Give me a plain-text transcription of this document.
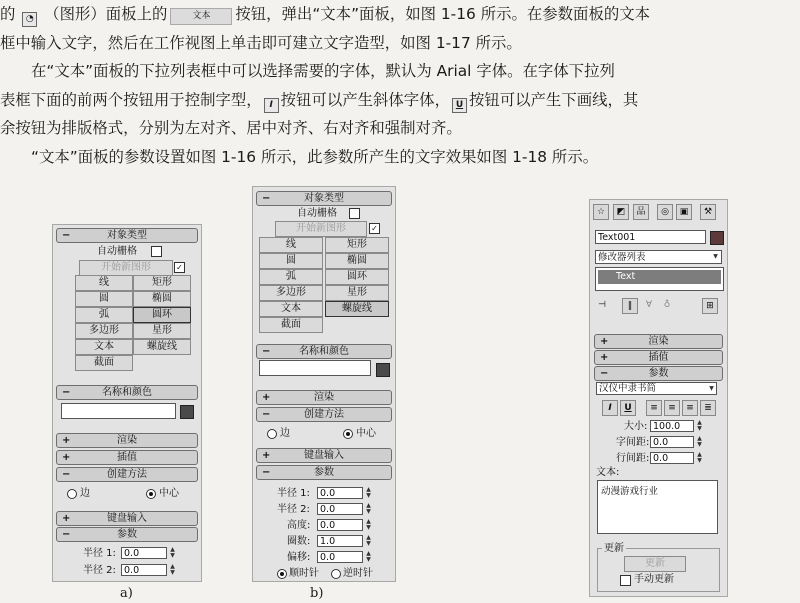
的 ◔ （图形）面板上的	文本 按钮，弹出“文本”面板，如图 1-16 所示。在参数面板的文本
框中输入文字，然后在工作视图上单击即可建立文字造型，如图 1-17 所示。
在“文本”面板的下拉列表框中可以选择需要的字体，默认为 Arial 字体。在字体下拉列
表框下面的前两个按钮用于控制字型， I 按钮可以产生斜体字体， U 按钮可以产生下画线，其
余按钮为排版格式，分别为左对齐、居中对齐、右对齐和强制对齐。
“文本”面板的参数设置如图 1-16 所示，此参数所产生的文字效果如图 1-18 所示。
−	对象类型
自动栅格
开始新图形	✓
线	矩形
圆	椭圆
弧	圆环
多边形	星形
文本	螺旋线
截面
−	名称和颜色
+	渲染
+	插值
−	创建方法
边	中心
+	键盘输入
−	参数
半径 1: 0.0	▲
▼
半径 2: 0.0	▲
▼
a)
−	对象类型
自动栅格
开始新图形	✓
线	矩形
圆	椭圆
弧	圆环
多边形	星形
文本	螺旋线
截面
−	名称和颜色
+	渲染
−	创建方法
边	中心
+	键盘输入
−	参数
半径 1:	0.0	▲
▼
半径 2:	0.0	▲
▼
高度:	0.0	▲
▼
圈数:	1.0	▲
▼
偏移:	0.0	▲
▼
顺时针 逆时针
b)
☆	◩	品	◎	▣	⚒
Text001
修改器列表	▼
Text
⊣	‖	∀	♁	⊞
+	渲染
+	插值
−	参数
汉仪中隶书简	▼
I	U	≡	≡	≡	≣
大小: 100.0	▲
▼
字间距: 0.0	▲
▼
行间距: 0.0	▲
▼
文本:
动漫游戏行业
更新
更新
手动更新
